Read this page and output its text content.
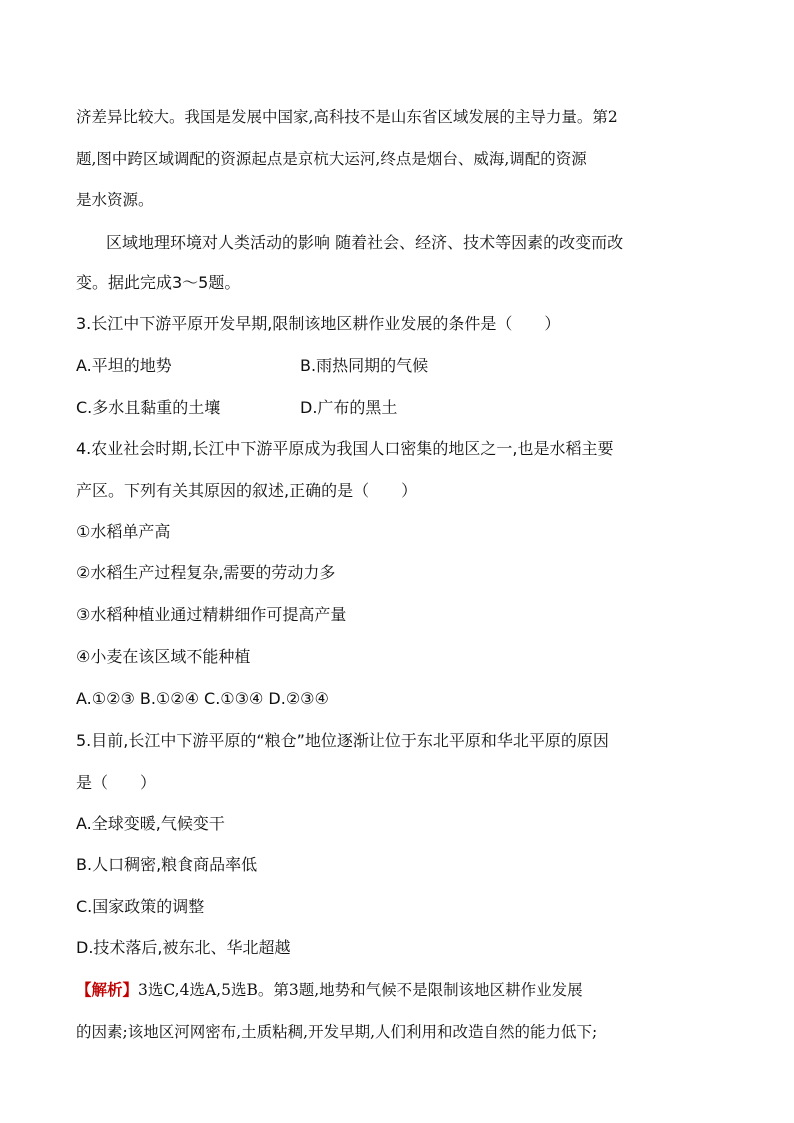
济差异比较大。我国是发展中国家,高科技不是山东省区域发展的主导力量。第2
题,图中跨区域调配的资源起点是京杭大运河,终点是烟台、威海,调配的资源
是水资源。
区域地理环境对人类活动的影响 随着社会、经济、技术等因素的改变而改
变。据此完成3～5题。
3.长江中下游平原开发早期,限制该地区耕作业发展的条件是（　　）
A.平坦的地势	B.雨热同期的气候
C.多水且黏重的土壤	D.广布的黑土
4.农业社会时期,长江中下游平原成为我国人口密集的地区之一,也是水稻主要
产区。下列有关其原因的叙述,正确的是（　　）
①水稻单产高
②水稻生产过程复杂,需要的劳动力多
③水稻种植业通过精耕细作可提高产量
④小麦在该区域不能种植
A.①②③ B.①②④ C.①③④ D.②③④
5.目前,长江中下游平原的“粮仓”地位逐渐让位于东北平原和华北平原的原因
是（　　）
A.全球变暖,气候变干
B.人口稠密,粮食商品率低
C.国家政策的调整
D.技术落后,被东北、华北超越
【解析】3选C,4选A,5选B。第3题,地势和气候不是限制该地区耕作业发展
的因素;该地区河网密布,土质粘稠,开发早期,人们利用和改造自然的能力低下;
